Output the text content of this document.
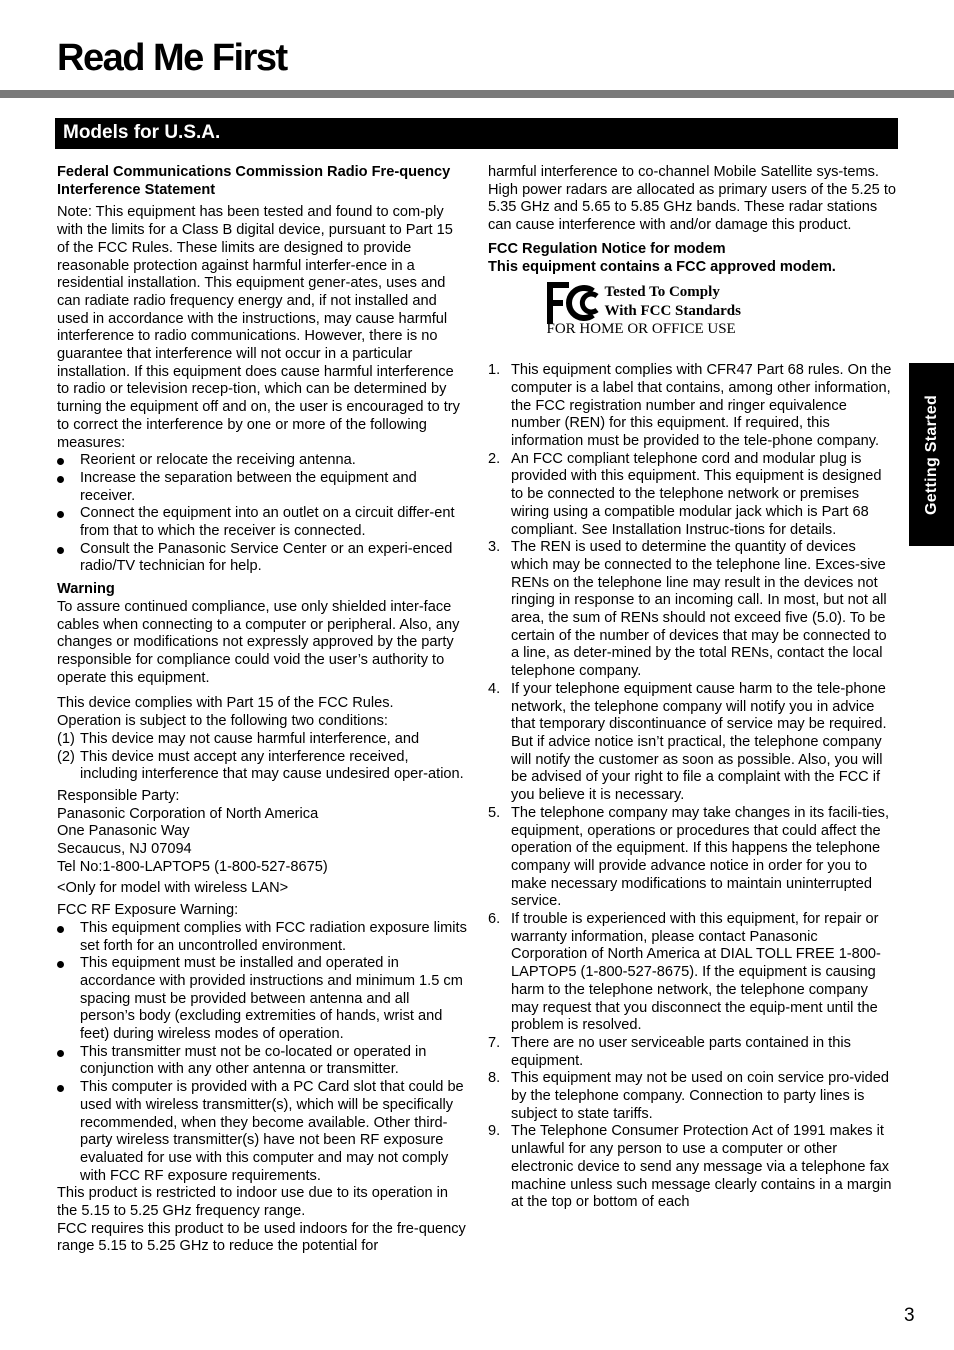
Read Me First
Models for U.S.A.
Getting Started

Federal Communications Commission Radio Fre-quency Interference Statement

Note: This equipment has been tested and found to com-ply with the limits for a Class B digital device, pursuant to Part 15 of the FCC Rules. These limits are designed to provide reasonable protection against harmful interfer-ence in a residential installation. This equipment gener-ates, uses and can radiate radio frequency energy and, if not installed and used in accordance with the instructions, may cause harmful interference to radio communications. However, there is no guarantee that interference will not occur in a particular installation. If this equipment does cause harmful interference to radio or television recep-tion, which can be determined by turning the equipment off and on, the user is encouraged to try to correct the interference by one or more of the following measures:

Reorient or relocate the receiving antenna.
Increase the separation between the equipment and receiver.
Connect the equipment into an outlet on a circuit differ-ent from that to which the receiver is connected.
Consult the Panasonic Service Center or an experi-enced radio/TV technician for help.

Warning

To assure continued compliance, use only shielded inter-face cables when connecting to a computer or peripheral. Also, any changes or modifications not expressly approved by the party responsible for compliance could void the user’s authority to operate this equipment.

This device complies with Part 15 of the FCC Rules.

Operation is subject to the following two conditions:

(1) This device may not cause harmful interference, and
(2) This device must accept any interference received, including interference that may cause undesired oper-ation.

Responsible Party:

Panasonic Corporation of North America

One Panasonic Way

Secaucus, NJ 07094

Tel No:1-800-LAPTOP5 (1-800-527-8675)

<Only for model with wireless LAN>

FCC RF Exposure Warning:

This equipment complies with FCC radiation exposure limits set forth for an uncontrolled environment.
This equipment must be installed and operated in accordance with provided instructions and minimum 1.5 cm spacing must be provided between antenna and all person’s body (excluding extremities of hands, wrist and feet) during wireless modes of operation.
This transmitter must not be co-located or operated in conjunction with any other antenna or transmitter.
This computer is provided with a PC Card slot that could be used with wireless transmitter(s), which will be specifically recommended, when they become available. Other third-party wireless transmitter(s) have not been RF exposure evaluated for use with this computer and may not comply with FCC RF exposure requirements.

This product is restricted to indoor use due to its operation in the 5.15 to 5.25 GHz frequency range.

FCC requires this product to be used indoors for the fre-quency range 5.15 to 5.25 GHz to reduce the potential for

harmful interference to co-channel Mobile Satellite sys-tems.

High power radars are allocated as primary users of the 5.25 to 5.35 GHz and 5.65 to 5.85 GHz bands. These radar stations can cause interference with and/or damage this product.

FCC Regulation Notice for modem

This equipment contains a FCC approved modem.

Tested To Comply
With FCC Standards
FOR HOME OR OFFICE USE
1. This equipment complies with CFR47 Part 68 rules. On the computer is a label that contains, among other information, the FCC registration number and ringer equivalence number (REN) for this equipment. If required, this information must be provided to the tele-phone company.
2. An FCC compliant telephone cord and modular plug is provided with this equipment. This equipment is designed to be connected to the telephone network or premises wiring using a compatible modular jack which is Part 68 compliant. See Installation Instruc-tions for details.
3. The REN is used to determine the quantity of devices which may be connected to the telephone line. Exces-sive RENs on the telephone line may result in the devices not ringing in response to an incoming call. In most, but not all area, the sum of RENs should not exceed five (5.0). To be certain of the number of devices that may be connected to a line, as deter-mined by the total RENs, contact the local telephone company.
4. If your telephone equipment cause harm to the tele-phone network, the telephone company will notify you in advice that temporary discontinuance of service may be required. But if advice notice isn’t practical, the telephone company will notify the customer as soon as possible. Also, you will be advised of your right to file a complaint with the FCC if you believe it is necessary.
5. The telephone company may take changes in its facili-ties, equipment, operations or procedures that could affect the operation of the equipment. If this happens the telephone company will provide advance notice in order for you to make necessary modifications to maintain uninterrupted service.
6. If trouble is experienced with this equipment, for repair or warranty information, please contact Panasonic Corporation of North America at DIAL TOLL FREE 1-800-LAPTOP5 (1-800-527-8675). If the equipment is causing harm to the telephone network, the telephone company may request that you disconnect the equip-ment until the problem is resolved.
7. There are no user serviceable parts contained in this equipment.
8. This equipment may not be used on coin service pro-vided by the telephone company. Connection to party lines is subject to state tariffs.
9. The Telephone Consumer Protection Act of 1991 makes it unlawful for any person to use a computer or other electronic device to send any message via a telephone fax machine unless such message clearly contains in a margin at the top or bottom of each
3
